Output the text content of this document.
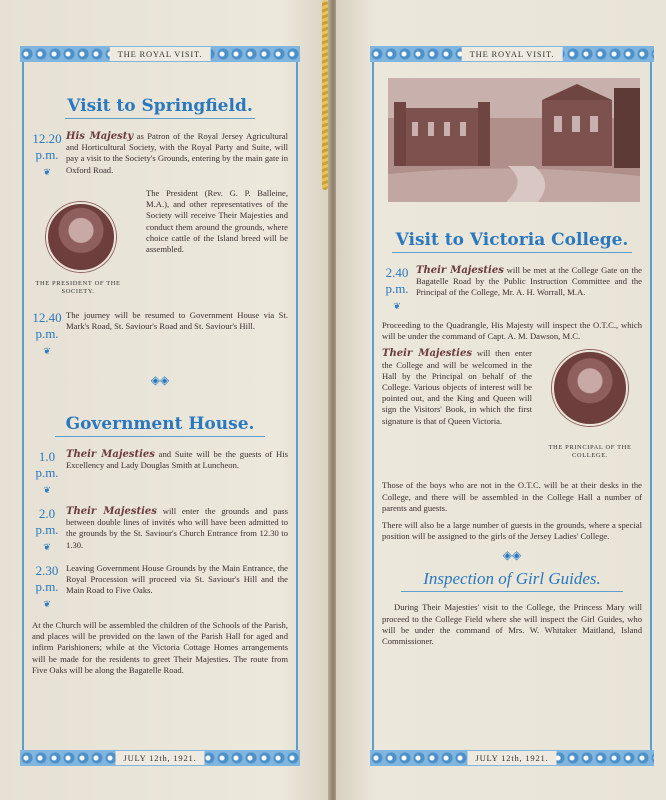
THE ROYAL VISIT.
JULY 12th, 1921.
Visit to Springfield.
12.20
p.m.
❦
His Majesty as Patron of the Royal Jersey Agricultural and Horticultural Society, with the Royal Party and Suite, will pay a visit to the Society's Grounds, entering by the main gate in Oxford Road.
THE PRESIDENT OF THE SOCIETY.
The President (Rev. G. P. Balleine, M.A.), and other representatives of the Society will receive Their Majesties and conduct them around the grounds, where choice cattle of the Island breed will be assembled.
12.40
p.m.
❦
The journey will be resumed to Government House via St. Mark's Road, St. Saviour's Road and St. Saviour's Hill.
◈◈
Government House.
1.0
p.m.
❦
Their Majesties and Suite will be the guests of His Excellency and Lady Douglas Smith at Luncheon.
2.0
p.m.
❦
Their Majesties will enter the grounds and pass between double lines of invités who will have been admitted to the grounds by the St. Saviour's Church Entrance from 12.30 to 1.30.
2.30
p.m.
❦
Leaving Government House Grounds by the Main Entrance, the Royal Procession will proceed via St. Saviour's Hill and the Main Road to Five Oaks.
At the Church will be assembled the children of the Schools of the Parish, and places will be provided on the lawn of the Parish Hall for aged and infirm Parishioners; while at the Victoria Cottage Homes arrangements will be made for the residents to greet Their Majesties. The route from Five Oaks will be along the Bagatelle Road.
THE ROYAL VISIT.
JULY 12th, 1921.
Visit to Victoria College.
2.40
p.m.
❦
Their Majesties will be met at the College Gate on the Bagatelle Road by the Public Instruction Committee and the Principal of the College, Mr. A. H. Worrall, M.A.
Proceeding to the Quadrangle, His Majesty will inspect the O.T.C., which will be under the command of Capt. A. M. Dawson, M.C.
Their Majesties will then enter the College and will be welcomed in the Hall by the Principal on behalf of the College. Various objects of interest will be pointed out, and the King and Queen will sign the Visitors' Book, in which the first signature is that of Queen Victoria.
THE PRINCIPAL OF THE COLLEGE.
Those of the boys who are not in the O.T.C. will be at their desks in the College, and there will be assembled in the College Hall a number of parents and guests.
There will also be a large number of guests in the grounds, where a special position will be assigned to the girls of the Jersey Ladies' College.
◈◈
Inspection of Girl Guides.
During Their Majesties' visit to the College, the Princess Mary will proceed to the College Field where she will inspect the Girl Guides, who will be under the command of Mrs. W. Whitaker Maitland, Island Commissioner.
